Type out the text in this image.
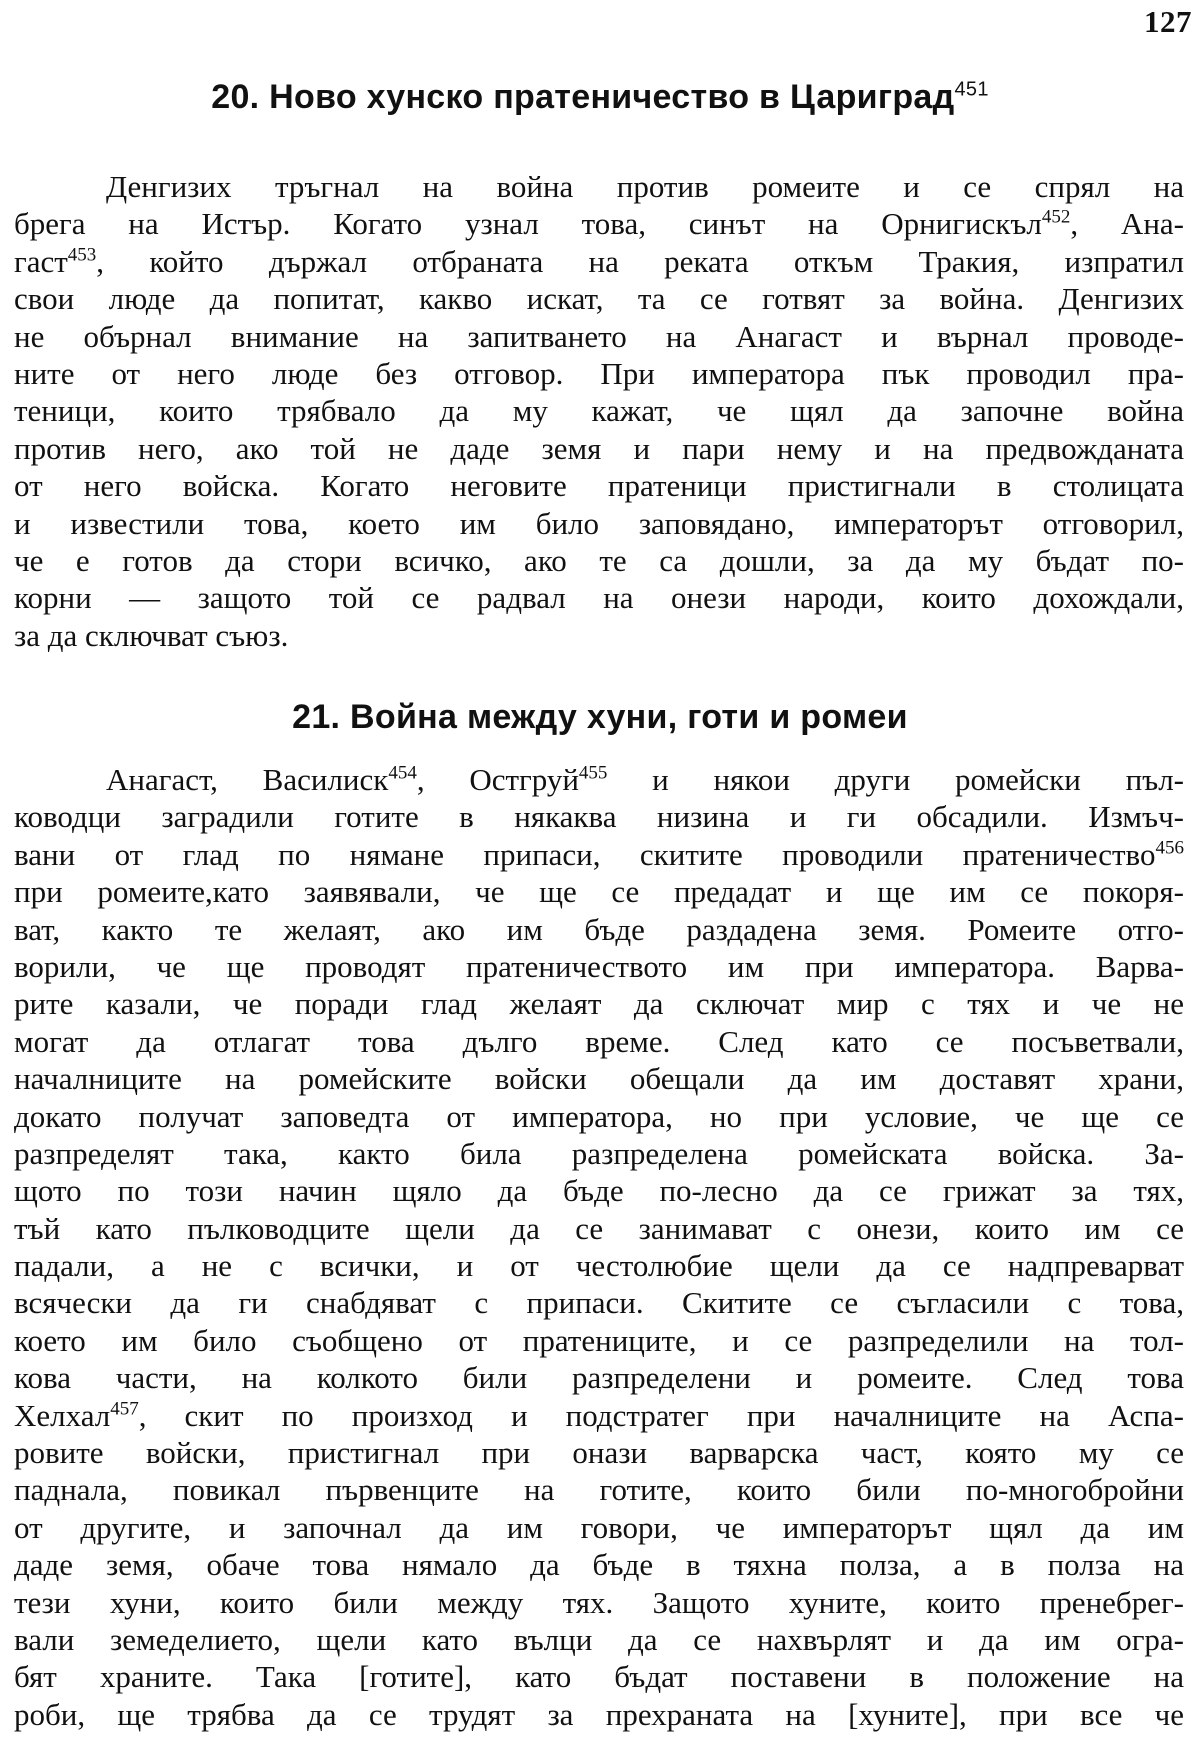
127
20. Ново хунско пратеничество в Цариград$^{451}$
Денгизих тръгнал на война против ромеите и се спрял на
брега на Истър. Когато узнал това, синът на Орнигискъл$^{452}$, Ана-
гаст$^{453}$, който държал отбраната на реката откъм Тракия, изпратил
свои люде да попитат, какво искат, та се готвят за война. Денгизих
не обърнал внимание на запитването на Анагаст и върнал проводе-
ните от него люде без отговор. При императора пък проводил пра-
теници, които трябвало да му кажат, че щял да започне война
против него, ако той не даде земя и пари нему и на предвожданата
от него войска. Когато неговите пратеници пристигнали в столицата
и известили това, което им било заповядано, императорът отговорил,
че е готов да стори всичко, ако те са дошли, за да му бъдат по-
корни — защото той се радвал на онези народи, които дохождали,
за да сключват съюз.
21. Война между хуни, готи и ромеи
Анагаст, Василиск$^{454}$, Остгруй$^{455}$ и някои други ромейски пъл-
ководци заградили готите в някаква низина и ги обсадили. Измъч-
вани от глад по нямане припаси, скитите проводили пратеничество$^{456}$
при ромеите,като заявявали, че ще се предадат и ще им се покоря-
ват, както те желаят, ако им бъде раздадена земя. Ромеите отго-
ворили, че ще проводят пратеничеството им при императора. Варва-
рите казали, че поради глад желаят да сключат мир с тях и че не
могат да отлагат това дълго време. След като се посъветвали,
началниците на ромейските войски обещали да им доставят храни,
докато получат заповедта от императора, но при условие, че ще се
разпределят така, както била разпределена ромейската войска. За-
щото по този начин щяло да бъде по-лесно да се грижат за тях,
тъй като пълководците щели да се занимават с онези, които им се
падали, а не с всички, и от честолюбие щели да се надпреварват
всячески да ги снабдяват с припаси. Скитите се съгласили с това,
което им било съобщено от пратениците, и се разпределили на тол-
кова части, на колкото били разпределени и ромеите. След това
Хелхал$^{457}$, скит по произход и подстратег при началниците на Аспа-
ровите войски, пристигнал при онази варварска част, която му се
паднала, повикал първенците на готите, които били по-многобройни
от другите, и започнал да им говори, че императорът щял да им
даде земя, обаче това нямало да бъде в тяхна полза, а в полза на
тези хуни, които били между тях. Защото хуните, които пренебрег-
вали земеделието, щели като вълци да се нахвърлят и да им огра-
бят храните. Така [готите], като бъдат поставени в положение на
роби, ще трябва да се трудят за прехраната на [хуните], при все че
